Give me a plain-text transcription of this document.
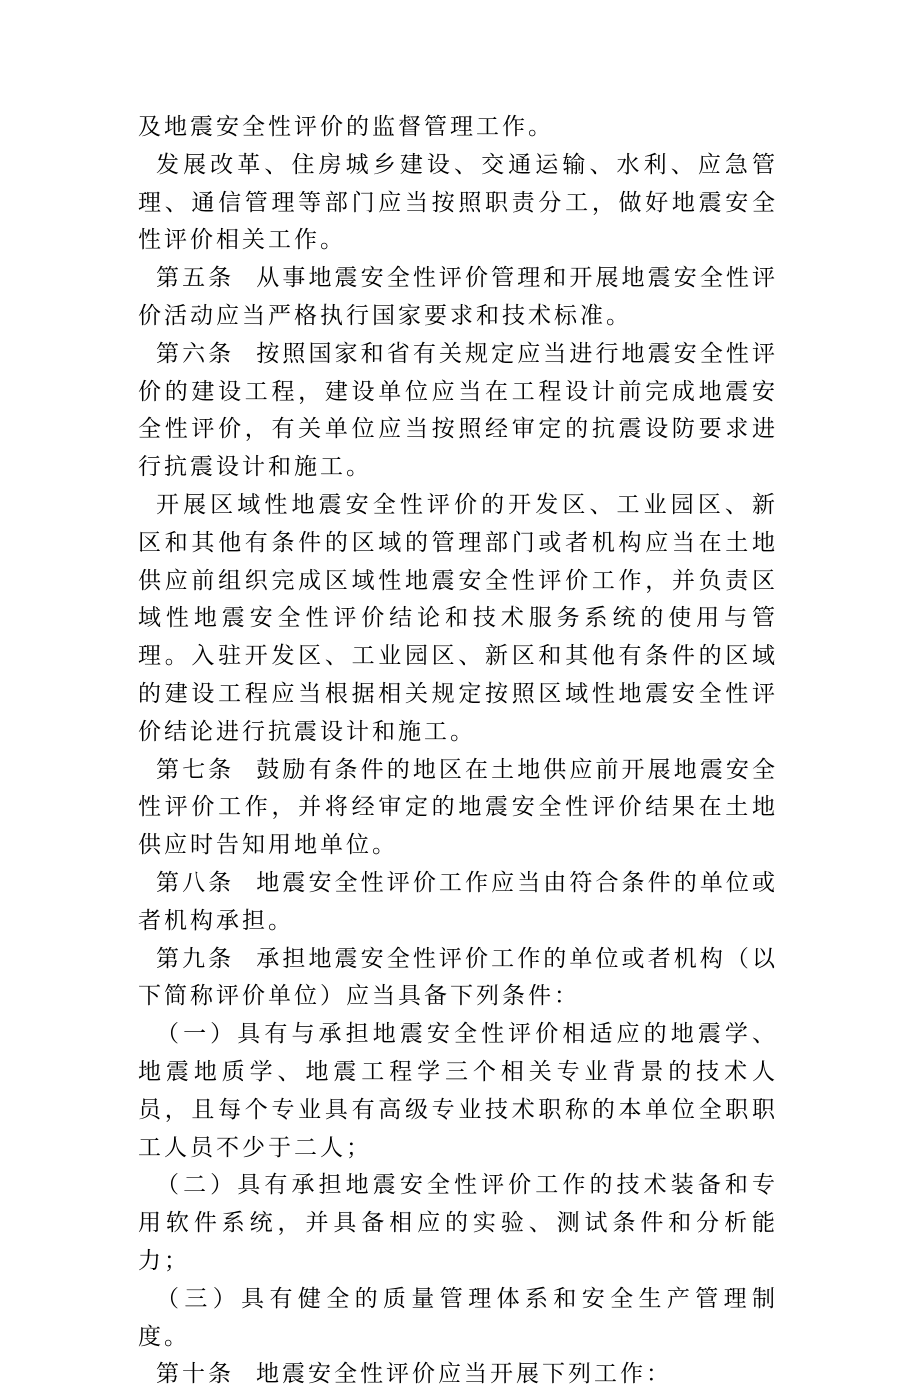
及地震安全性评价的监督管理工作。

发展改革、住房城乡建设、交通运输、水利、应急管理、通信管理等部门应当按照职责分工，做好地震安全性评价相关工作。

第五条 从事地震安全性评价管理和开展地震安全性评价活动应当严格执行国家要求和技术标准。

第六条 按照国家和省有关规定应当进行地震安全性评价的建设工程，建设单位应当在工程设计前完成地震安全性评价，有关单位应当按照经审定的抗震设防要求进行抗震设计和施工。

开展区域性地震安全性评价的开发区、工业园区、新区和其他有条件的区域的管理部门或者机构应当在土地供应前组织完成区域性地震安全性评价工作，并负责区域性地震安全性评价结论和技术服务系统的使用与管理。入驻开发区、工业园区、新区和其他有条件的区域的建设工程应当根据相关规定按照区域性地震安全性评价结论进行抗震设计和施工。

第七条 鼓励有条件的地区在土地供应前开展地震安全性评价工作，并将经审定的地震安全性评价结果在土地供应时告知用地单位。

第八条 地震安全性评价工作应当由符合条件的单位或者机构承担。

第九条 承担地震安全性评价工作的单位或者机构（以下简称评价单位）应当具备下列条件：

（一）具有与承担地震安全性评价相适应的地震学、地震地质学、地震工程学三个相关专业背景的技术人员，且每个专业具有高级专业技术职称的本单位全职职工人员不少于二人；

（二）具有承担地震安全性评价工作的技术装备和专用软件系统，并具备相应的实验、测试条件和分析能力；

（三）具有健全的质量管理体系和安全生产管理制度。

第十条 地震安全性评价应当开展下列工作：
